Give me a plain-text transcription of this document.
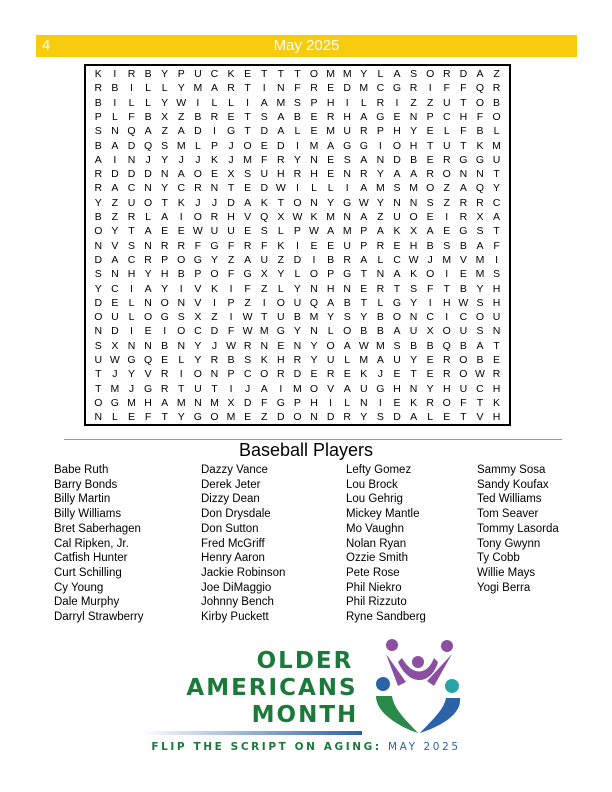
4	May 2025
K	I	R B Y P U C K E T T T O M M Y L A S O R D A Z
R B	I	L	L Y M A R T	I	N F R E D M C G R	I	F F Q R
B	I	L	L Y W I	L	L	I	A M S P H	I	L R	I	Z Z U T O B
P L F B X Z B R E T S A B E R H A G E N P C H F O
S N Q A Z A D	I	G T D A L E M U R P H Y E L F B L
B A D Q S M L P J O E D	I	M A G G	I	O H T U T K M
A	I	N J Y J	J K J M F R Y N E S A N D B E R G G U
R D D D N A O E X S U H R H E N R Y A A R O N N T
R A C N Y C R N T E D W I	L	L	I	A M S M O Z A Q Y
Y Z U O T K J	J D A K T O N Y G W Y N N S Z R R C
B Z R L A	I	O R H V Q X W K M N A Z U O E	I	R X A
O Y T A E E W U U E S L P W A M P A K X A E G S T
N V S N R R F G F R F K	I	E E U P R E H B S B A F
D A C R P O G Y Z A U Z D	I	B R A L C W J M V M	I
S N H Y H B P O F G X Y L O P G T N A K O	I	E M S
Y C	I	A Y	I	V K	I	F Z L Y N H N E R T S F T B Y H
D E L N O N V	I	P Z	I	O U Q A B T L G Y	I	H W S H
O U L O G S X Z	I W T U B M Y S Y B O N C	I	C O U
N D	I	E	I	O C D F W M G Y N L O B B A U X O U S N
S X N N B N Y J W R N E N Y O A W M S B B Q B A T
U W G Q E L Y R B S K H R Y U L M A U Y E R O B E
T	J Y V R	I	O N P C O R D E R E K J E T E R O W R
T M J G R T U T	I	J A	I	M O V A U G H N Y H U C H
O G M H A M N M X D F G P H	I	L N	I	E K R O F T K
N L E F T Y G O M E Z D O N D R Y S D A L E T V H
Baseball Players
Babe Ruth
Barry Bonds
Billy Martin
Billy Williams
Bret Saberhagen
Cal Ripken, Jr.
Catfish Hunter
Curt Schilling
Cy Young
Dale Murphy
Darryl Strawberry
Dazzy Vance
Derek Jeter
Dizzy Dean
Don Drysdale
Don Sutton
Fred McGriff
Henry Aaron
Jackie Robinson
Joe DiMaggio
Johnny Bench
Kirby Puckett
Lefty Gomez
Lou Brock
Lou Gehrig
Mickey Mantle
Mo Vaughn
Nolan Ryan
Ozzie Smith
Pete Rose
Phil Niekro
Phil Rizzuto
Ryne Sandberg
Sammy Sosa
Sandy Koufax
Ted Williams
Tom Seaver
Tommy Lasorda
Tony Gwynn
Ty Cobb
Willie Mays
Yogi Berra
OLDER
AMERICANS
MONTH
FLIP THE SCRIPT ON AGING: MAY 2025
